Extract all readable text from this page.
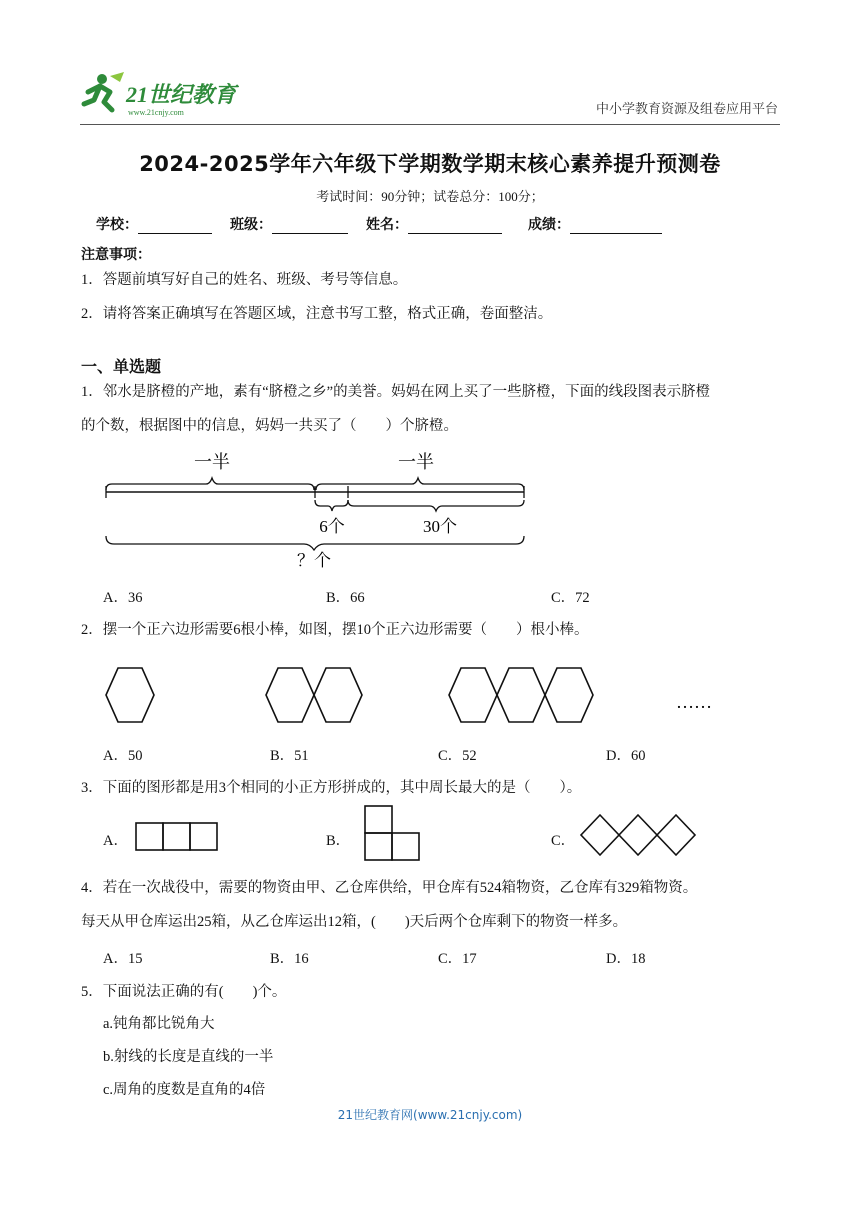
21世纪教育
www.21cnjy.com	中小学教育资源及组卷应用平台
2024-2025学年六年级下学期数学期末核心素养提升预测卷
考试时间：90分钟；试卷总分：100分；
学校：	班级：	姓名：	成绩：
注意事项：
1．答题前填写好自己的姓名、班级、考号等信息。
2．请将答案正确填写在答题区域，注意书写工整，格式正确，卷面整洁。
一、单选题
1．邻水是脐橙的产地，素有“脐橙之乡”的美誉。妈妈在网上买了一些脐橙，下面的线段图表示脐橙
的个数，根据图中的信息，妈妈一共买了（　　）个脐橙。
一半	一半
6个	30个
？个
A．36	B．66	C．72
2．摆一个正六边形需要6根小棒，如图，摆10个正六边形需要（　　）根小棒。
……
A．50	B．51	C．52	D．60
3．下面的图形都是用3个相同的小正方形拼成的，其中周长最大的是（　　）。
A．	B．	C．
4．若在一次战役中，需要的物资由甲、乙仓库供给，甲仓库有524箱物资，乙仓库有329箱物资。
每天从甲仓库运出25箱，从乙仓库运出12箱，(　　)天后两个仓库剩下的物资一样多。
A．15	B．16	C．17	D．18
5．下面说法正确的有(　　)个。
a.钝角都比锐角大
b.射线的长度是直线的一半
c.周角的度数是直角的4倍
21世纪教育网(www.21cnjy.com)
